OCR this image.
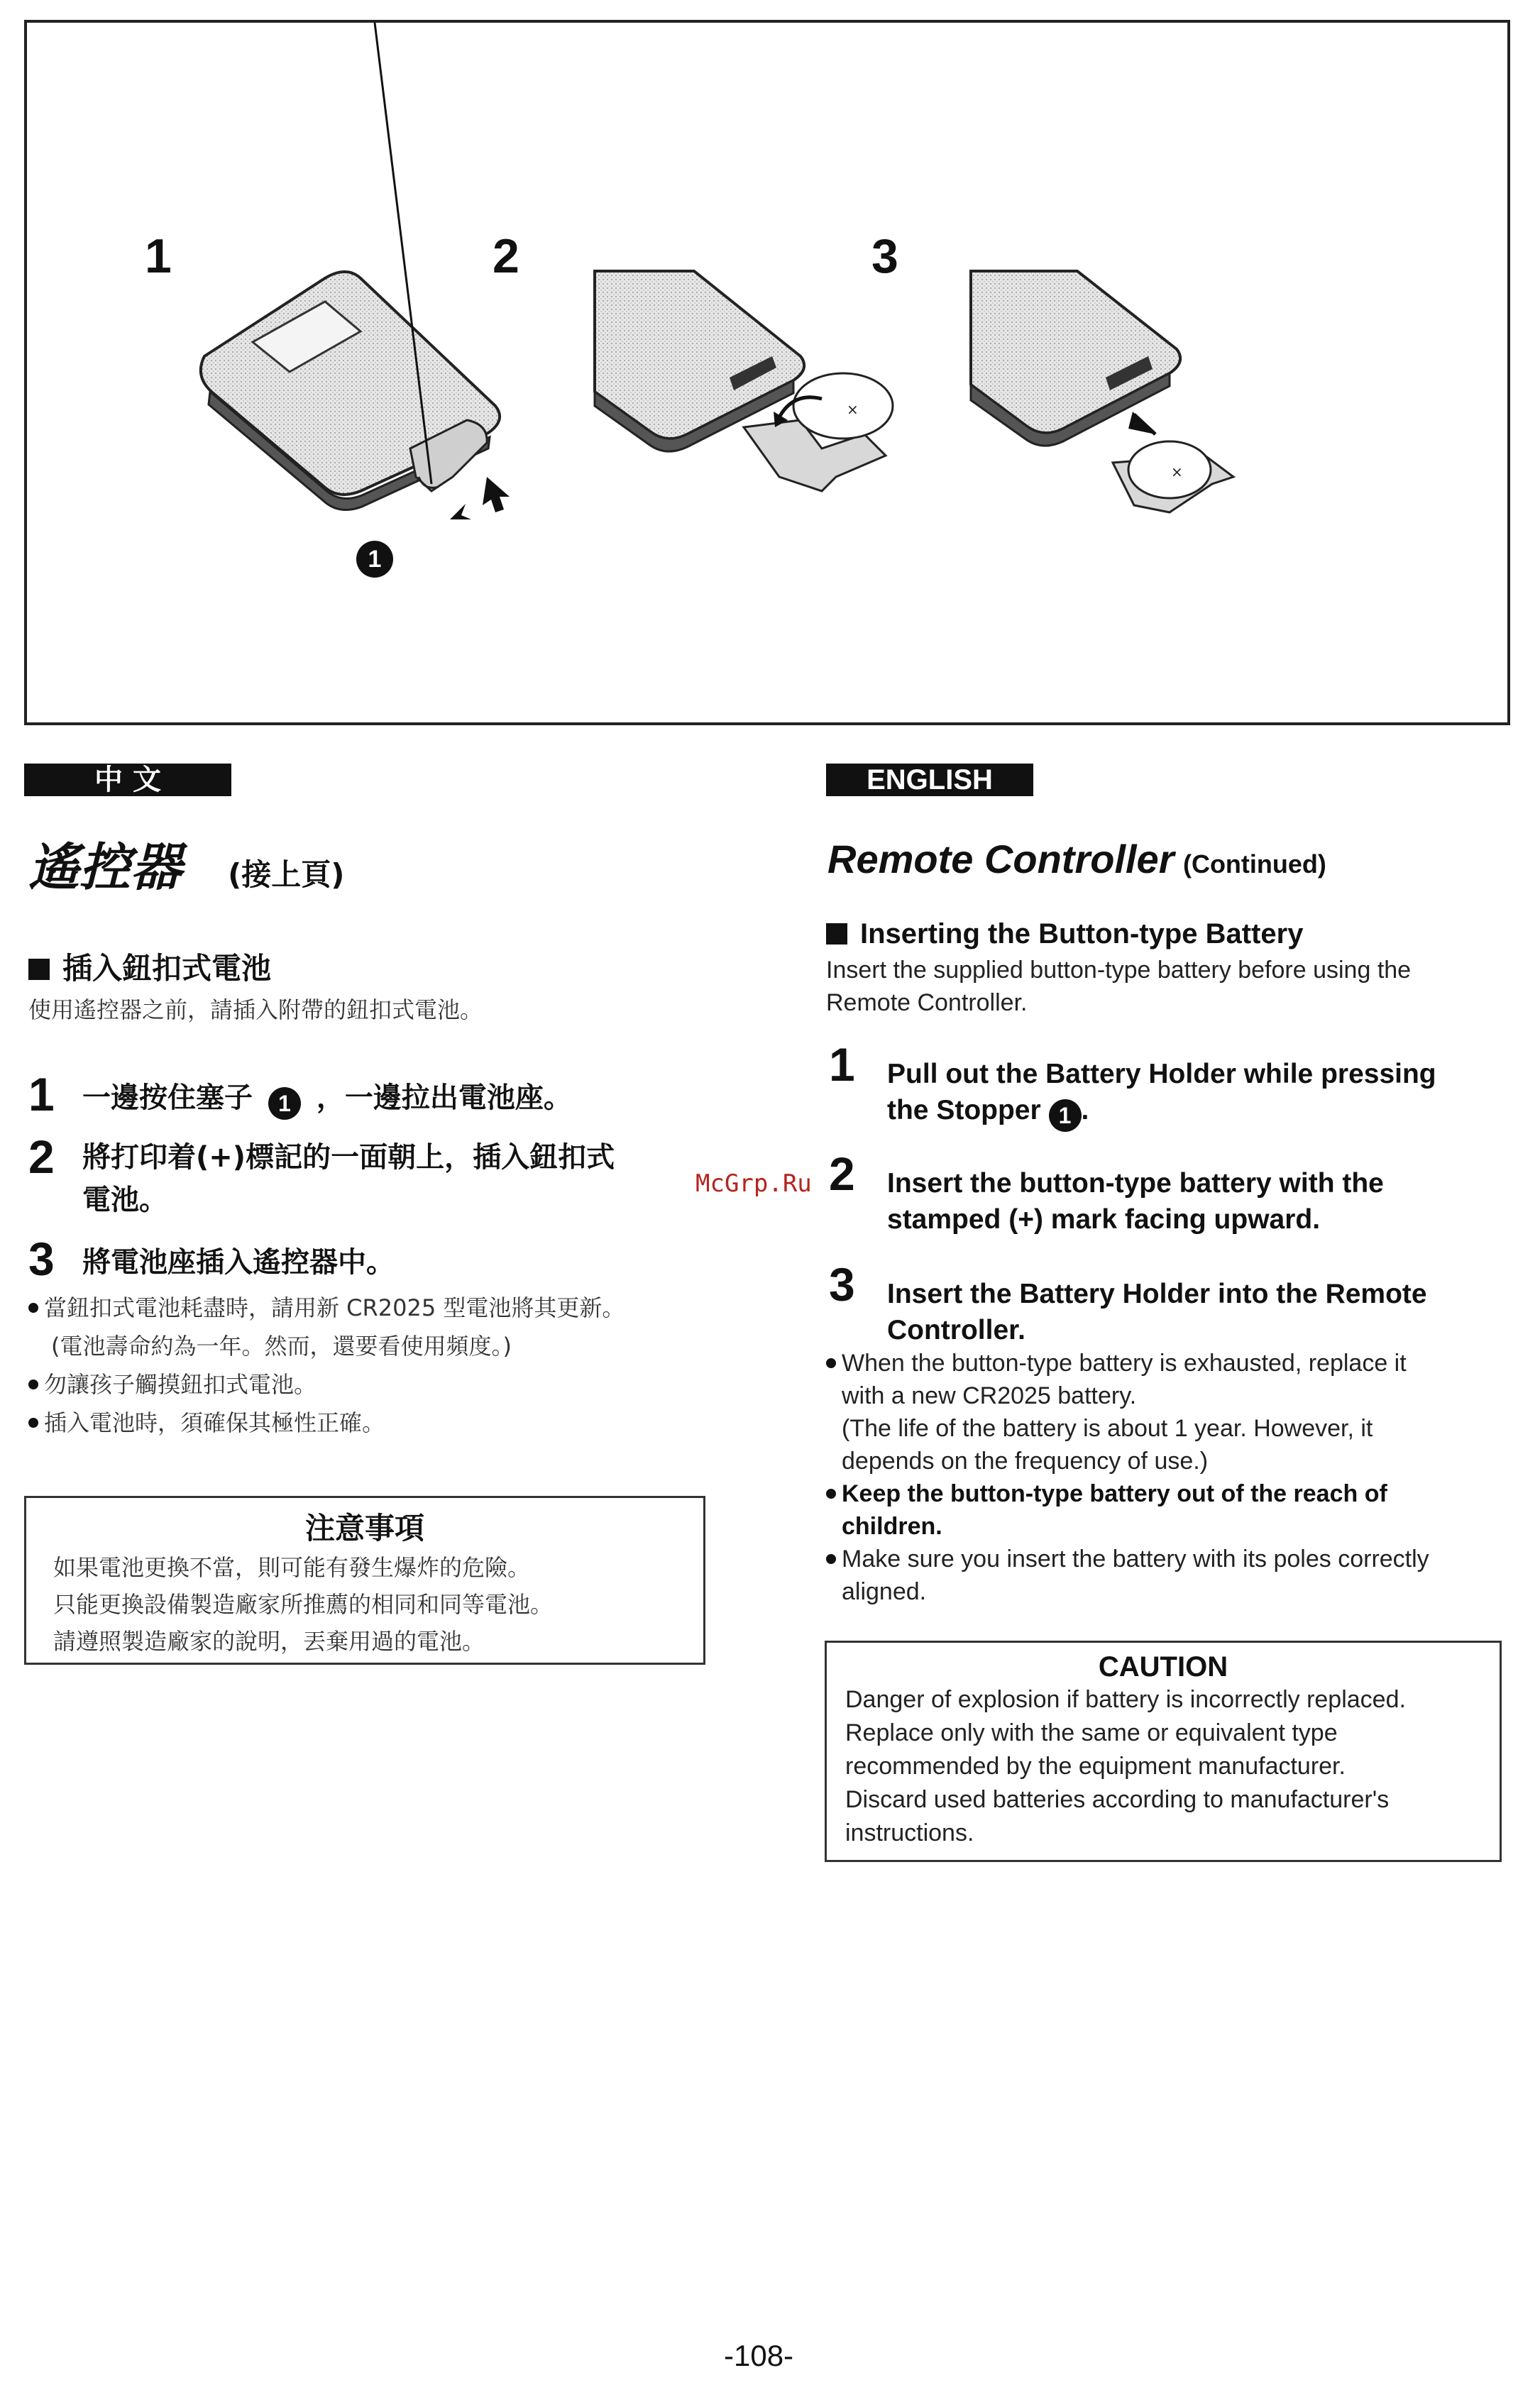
×
×
1	2	3
1
中 文
遙控器 (接上頁)
插入鈕扣式電池
使用遙控器之前，請插入附帶的鈕扣式電池。
1 一邊按住塞子 1 ，一邊拉出電池座。
2 將打印着(+)標記的一面朝上，插入鈕扣式
電池。
3 將電池座插入遙控器中。
當鈕扣式電池耗盡時，請用新 CR2025 型電池將其更新。
(電池壽命約為一年。然而，還要看使用頻度。)
勿讓孩子觸摸鈕扣式電池。
插入電池時，須確保其極性正確。
注意事項
如果電池更換不當，則可能有發生爆炸的危險。
只能更換設備製造廠家所推薦的相同和同等電池。
請遵照製造廠家的說明，丟棄用過的電池。
ENGLISH
Remote Controller (Continued)
Inserting the Button-type Battery
Insert the supplied button-type battery before using the
Remote Controller.
1 Pull out the Battery Holder while pressing
the Stopper 1 .
2 Insert the button-type battery with the
stamped (+) mark facing upward.
3 Insert the Battery Holder into the Remote
Controller.
When the button-type battery is exhausted, replace it
with a new CR2025 battery.
(The life of the battery is about 1 year. However, it
depends on the frequency of use.)
Keep the button-type battery out of the reach of
children.
Make sure you insert the battery with its poles correctly
aligned.
CAUTION
Danger of explosion if battery is incorrectly replaced.
Replace only with the same or equivalent type
recommended by the equipment manufacturer.
Discard used batteries according to manufacturer's
instructions.
McGrp.Ru
-108-
